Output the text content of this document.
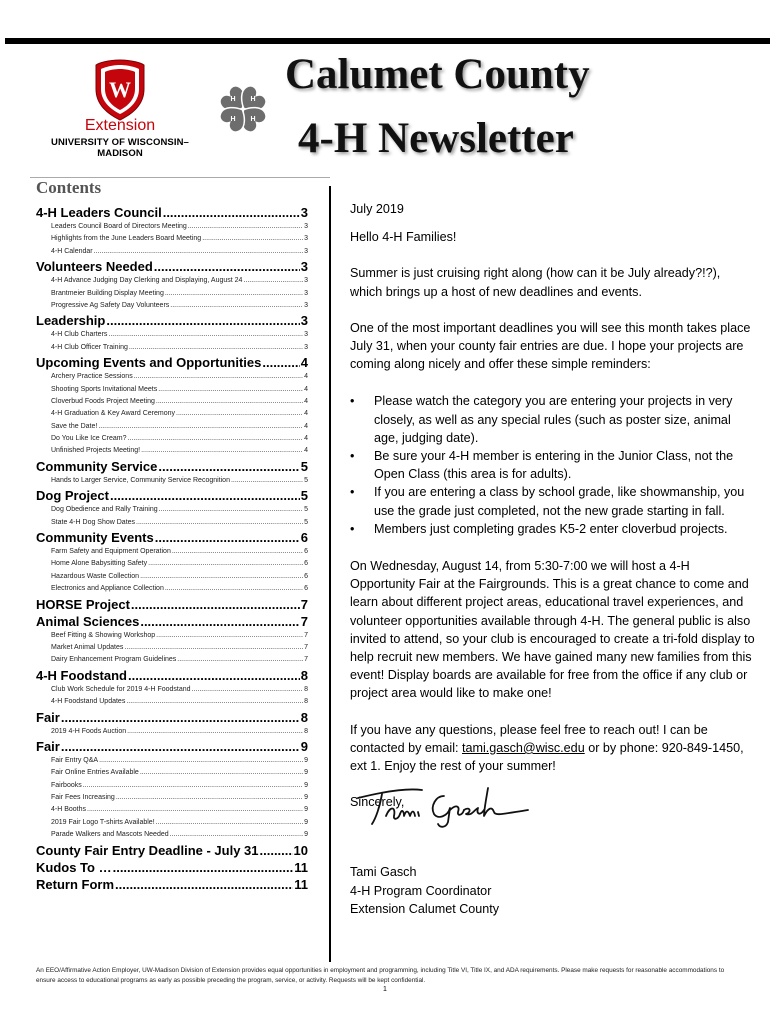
W
Extension
UNIVERSITY OF WISCONSIN–MADISON
H H
H H
Calumet County
4-H Newsletter
Contents
4-H Leaders Council .....	3
Leaders Council Board of Directors Meeting .....	3
Highlights from the June Leaders Board Meeting .....	3
4-H Calendar .....	3
Volunteers Needed .....	3
4-H Advance Judging Day Clerking and Displaying, August 24 .....	3
Brantmeier Building Display Meeting .....	3
Progressive Ag Safety Day Volunteers .....	3
Leadership .....	3
4-H Club Charters .....	3
4-H Club Officer Training .....	3
Upcoming Events and Opportunities .....	4
Archery Practice Sessions .....	4
Shooting Sports Invitational Meets .....	4
Cloverbud Foods Project Meeting .....	4
4-H Graduation & Key Award Ceremony .....	4
Save the Date! .....	4
Do You Like Ice Cream? .....	4
Unfinished Projects Meeting! .....	4
Community Service .....	5
Hands to Larger Service, Community Service Recognition .....	5
Dog Project .....	5
Dog Obedience and Rally Training .....	5
State 4-H Dog Show Dates .....	5
Community Events .....	6
Farm Safety and Equipment Operation .....	6
Home Alone Babysitting Safety .....	6
Hazardous Waste Collection .....	6
Electronics and Appliance Collection .....	6
HORSE Project .....	7
Animal Sciences .....	7
Beef Fitting & Showing Workshop .....	7
Market Animal Updates .....	7
Dairy Enhancement Program Guidelines .....	7
4-H Foodstand .....	8
Club Work Schedule for 2019 4-H Foodstand .....	8
4-H Foodstand Updates .....	8
Fair .....	8
2019 4-H Foods Auction .....	8
Fair .....	9
Fair Entry Q&A .....	9
Fair Online Entries Available .....	9
Fairbooks .....	9
Fair Fees Increasing .....	9
4-H Booths .....	9
2019 Fair Logo T-shirts Available! .....	9
Parade Walkers and Mascots Needed .....	9
County Fair Entry Deadline - July 31 .....	10
Kudos To … .....	11
Return Form .....	11

July 2019

Hello 4-H Families!

Summer is just cruising right along (how can it be July already?!?), which brings up a host of new deadlines and events.

One of the most important deadlines you will see this month takes place July 31, when your county fair entries are due. I hope your projects are coming along nicely and offer these simple reminders:

• Please watch the category you are entering your projects in very closely, as well as any special rules (such as poster size, animal age, judging date).
• Be sure your 4-H member is entering in the Junior Class, not the Open Class (this area is for adults).
• If you are entering a class by school grade, like showmanship, you use the grade just completed, not the new grade starting in fall.
• Members just completing grades K5-2 enter cloverbud projects.

On Wednesday, August 14, from 5:30-7:00 we will host a 4-H Opportunity Fair at the Fairgrounds. This is a great chance to come and learn about different project areas, educational travel experiences, and volunteer opportunities available through 4-H. The general public is also invited to attend, so your club is encouraged to create a tri-fold display to help recruit new members. We have gained many new families from this event! Display boards are available for free from the office if any club or project area would like to make one!

If you have any questions, please feel free to reach out! I can be contacted by email: tami.gasch@wisc.edu or by phone: 920-849-1450, ext 1. Enjoy the rest of your summer!

Sincerely,

Tami Gasch

4-H Program Coordinator

Extension Calumet County

An EEO/Affirmative Action Employer, UW-Madison Division of Extension provides equal opportunities in employment and programming, including Title VI, Title IX, and ADA requirements. Please make requests for reasonable accommodations to ensure access to educational programs as early as possible preceding the program, service, or activity. Requests will be kept confidential.
1
